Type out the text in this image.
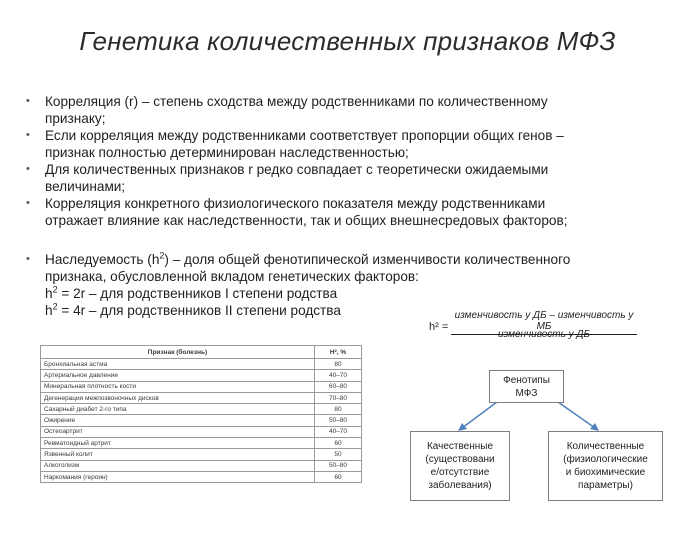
Генетика количественных признаков МФЗ
• Корреляция (r) – степень сходства между родственниками по количественному
признаку;
• Если корреляция между родственниками соответствует пропорции общих генов –
признак полностью детерминирован наследственностью;
• Для количественных признаков r редко совпадает с теоретически ожидаемыми
величинами;
• Корреляция конкретного физиологического показателя между родственниками
отражает влияние как наследственности, так и общих внешнесредовых факторов;
• Наследуемость $(h^2)$ – доля общей фенотипической изменчивости количественного
признака, обусловленной вкладом генетических факторов:
$h^2 = 2r$ – для родственников I степени родства
$h^2 = 4r$ – для родственников II степени родства
h² =
изменчивость у ДБ – изменчивость у МБ
изменчивость у ДБ
Признак (болезнь)	H², %
Бронхиальная астма	80
Артериальное давление	40–70
Минеральная плотность кости	60–80
Дегенерация межпозвоночных дисков	70–80
Сахарный диабет 2-го типа	80
Ожирение	50–80
Остеоартрит	40–70
Ревматоидный артрит	60
Язвенный колит	50
Алкоголизм	50–80
Наркомания (героин)	60
Фенотипы
МФЗ
Качественные
(существовани
е/отсутствие
заболевания)
Количественные
(физиологические
и биохимические
параметры)
